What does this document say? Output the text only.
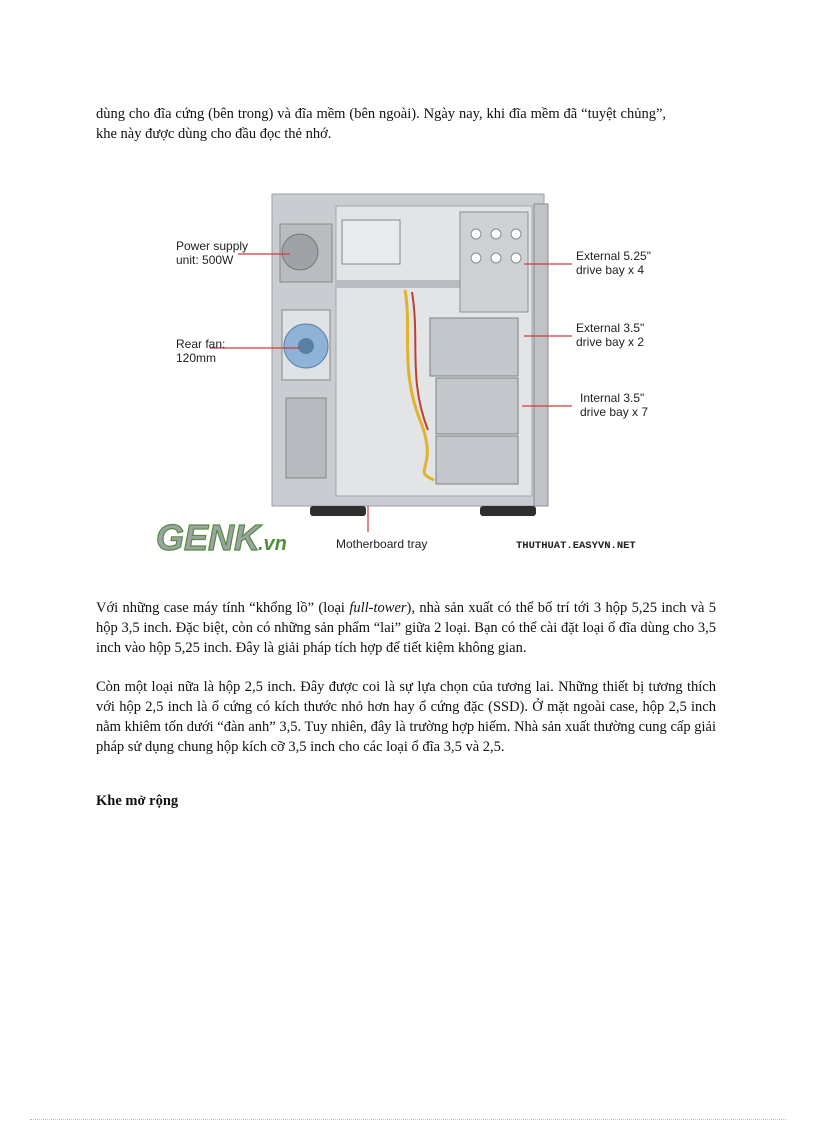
dùng cho đĩa cứng (bên trong) và đĩa mềm (bên ngoài). Ngày nay, khi đĩa mềm đã “tuyệt chủng”, khe này được dùng cho đầu đọc thẻ nhớ.

Power supply
unit: 500W
Rear fan:
120mm
External 5.25"
drive bay x 4
External 3.5"
drive bay x 2
Internal 3.5"
drive bay x 7
Motherboard tray
GENK
.vn	THUTHUAT.EASYVN.NET

Với những case máy tính “khổng lồ” (loại full-tower), nhà sản xuất có thể bố trí tới 3 hộp 5,25 inch và 5 hộp 3,5 inch. Đặc biệt, còn có những sản phẩm “lai” giữa 2 loại. Bạn có thể cài đặt loại ổ đĩa dùng cho 3,5 inch vào hộp 5,25 inch. Đây là giải pháp tích hợp để tiết kiệm không gian.

Còn một loại nữa là hộp 2,5 inch. Đây được coi là sự lựa chọn của tương lai. Những thiết bị tương thích với hộp 2,5 inch là ổ cứng có kích thước nhỏ hơn hay ổ cứng đặc (SSD). Ở mặt ngoài case, hộp 2,5 inch nằm khiêm tốn dưới “đàn anh” 3,5. Tuy nhiên, đây là trường hợp hiếm. Nhà sản xuất thường cung cấp giải pháp sử dụng chung hộp kích cỡ 3,5 inch cho các loại ổ đĩa 3,5 và 2,5.

Khe mở rộng
